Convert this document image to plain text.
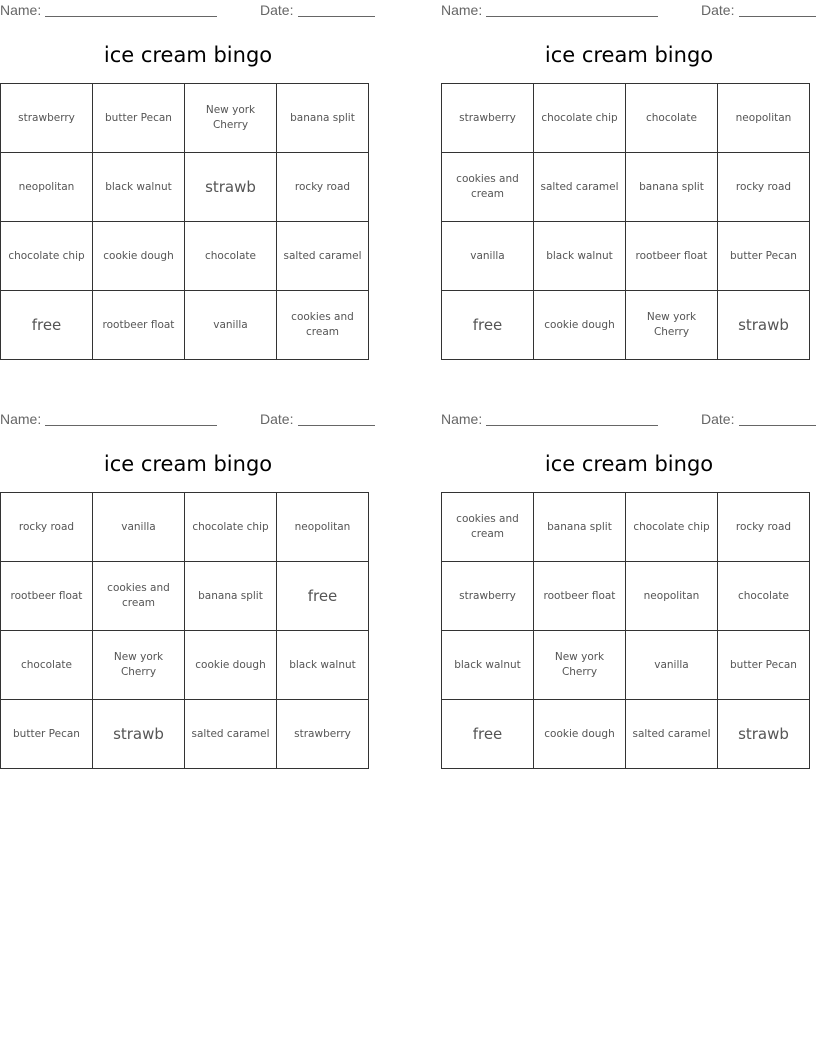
Name:	Date:
ice cream bingo
strawberry	butter Pecan	New york Cherry	banana split
neopolitan	black walnut	strawb	rocky road
chocolate chip	cookie dough	chocolate	salted caramel
free	rootbeer float	vanilla	cookies and cream
Name:	Date:
ice cream bingo
strawberry	chocolate chip	chocolate	neopolitan
cookies and cream	salted caramel	banana split	rocky road
vanilla	black walnut	rootbeer float	butter Pecan
free	cookie dough	New york Cherry	strawb
Name:	Date:
ice cream bingo
rocky road	vanilla	chocolate chip	neopolitan
rootbeer float	cookies and cream	banana split	free
chocolate	New york Cherry	cookie dough	black walnut
butter Pecan	strawb	salted caramel	strawberry
Name:	Date:
ice cream bingo
cookies and cream	banana split	chocolate chip	rocky road
strawberry	rootbeer float	neopolitan	chocolate
black walnut	New york Cherry	vanilla	butter Pecan
free	cookie dough	salted caramel	strawb
